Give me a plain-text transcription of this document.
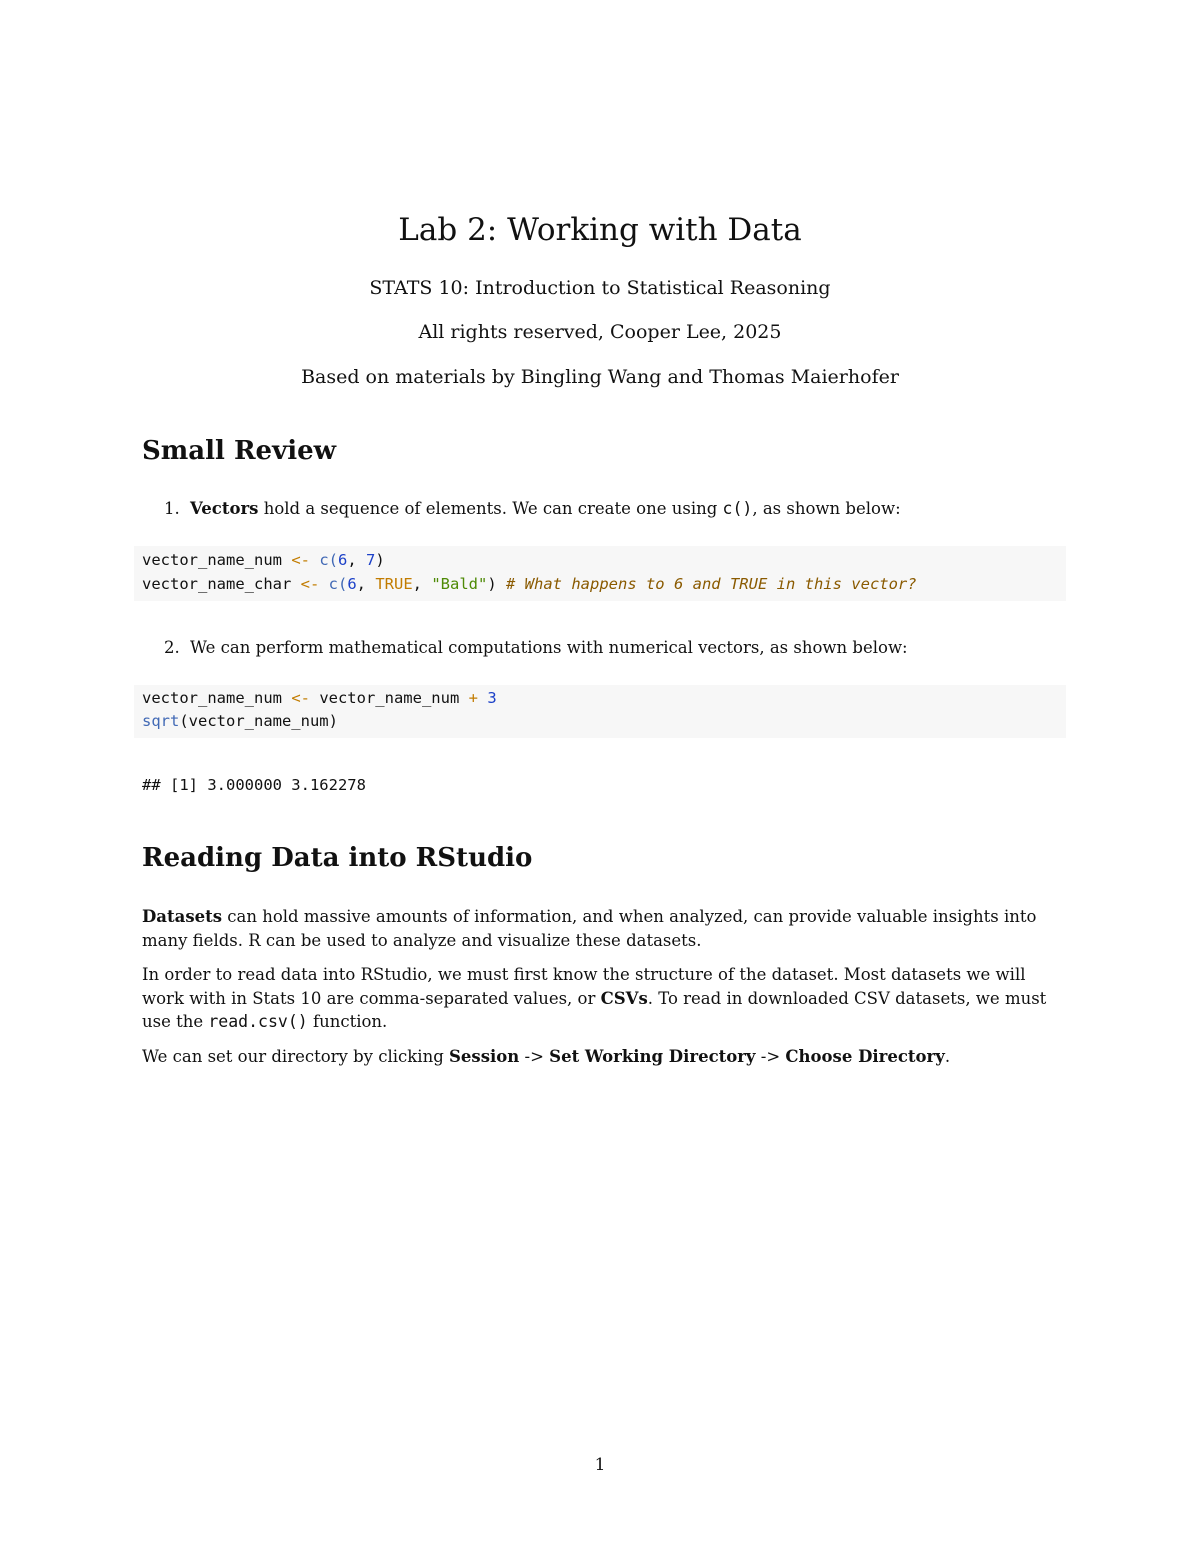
Lab 2: Working with Data
STATS 10: Introduction to Statistical Reasoning
All rights reserved, Cooper Lee, 2025
Based on materials by Bingling Wang and Thomas Maierhofer
Small Review
1. Vectors hold a sequence of elements. We can create one using c(), as shown below:
vector_name_num <- c(6, 7)
vector_name_char <- c(6, TRUE, "Bald") # What happens to 6 and TRUE in this vector?
2. We can perform mathematical computations with numerical vectors, as shown below:
vector_name_num <- vector_name_num + 3
sqrt(vector_name_num)
## [1] 3.000000 3.162278
Reading Data into RStudio
Datasets can hold massive amounts of information, and when analyzed, can provide valuable insights into many fields. R can be used to analyze and visualize these datasets.
In order to read data into RStudio, we must first know the structure of the dataset. Most datasets we will work with in Stats 10 are comma-separated values, or CSVs. To read in downloaded CSV datasets, we must use the read.csv() function.
We can set our directory by clicking Session -> Set Working Directory -> Choose Directory.
1
